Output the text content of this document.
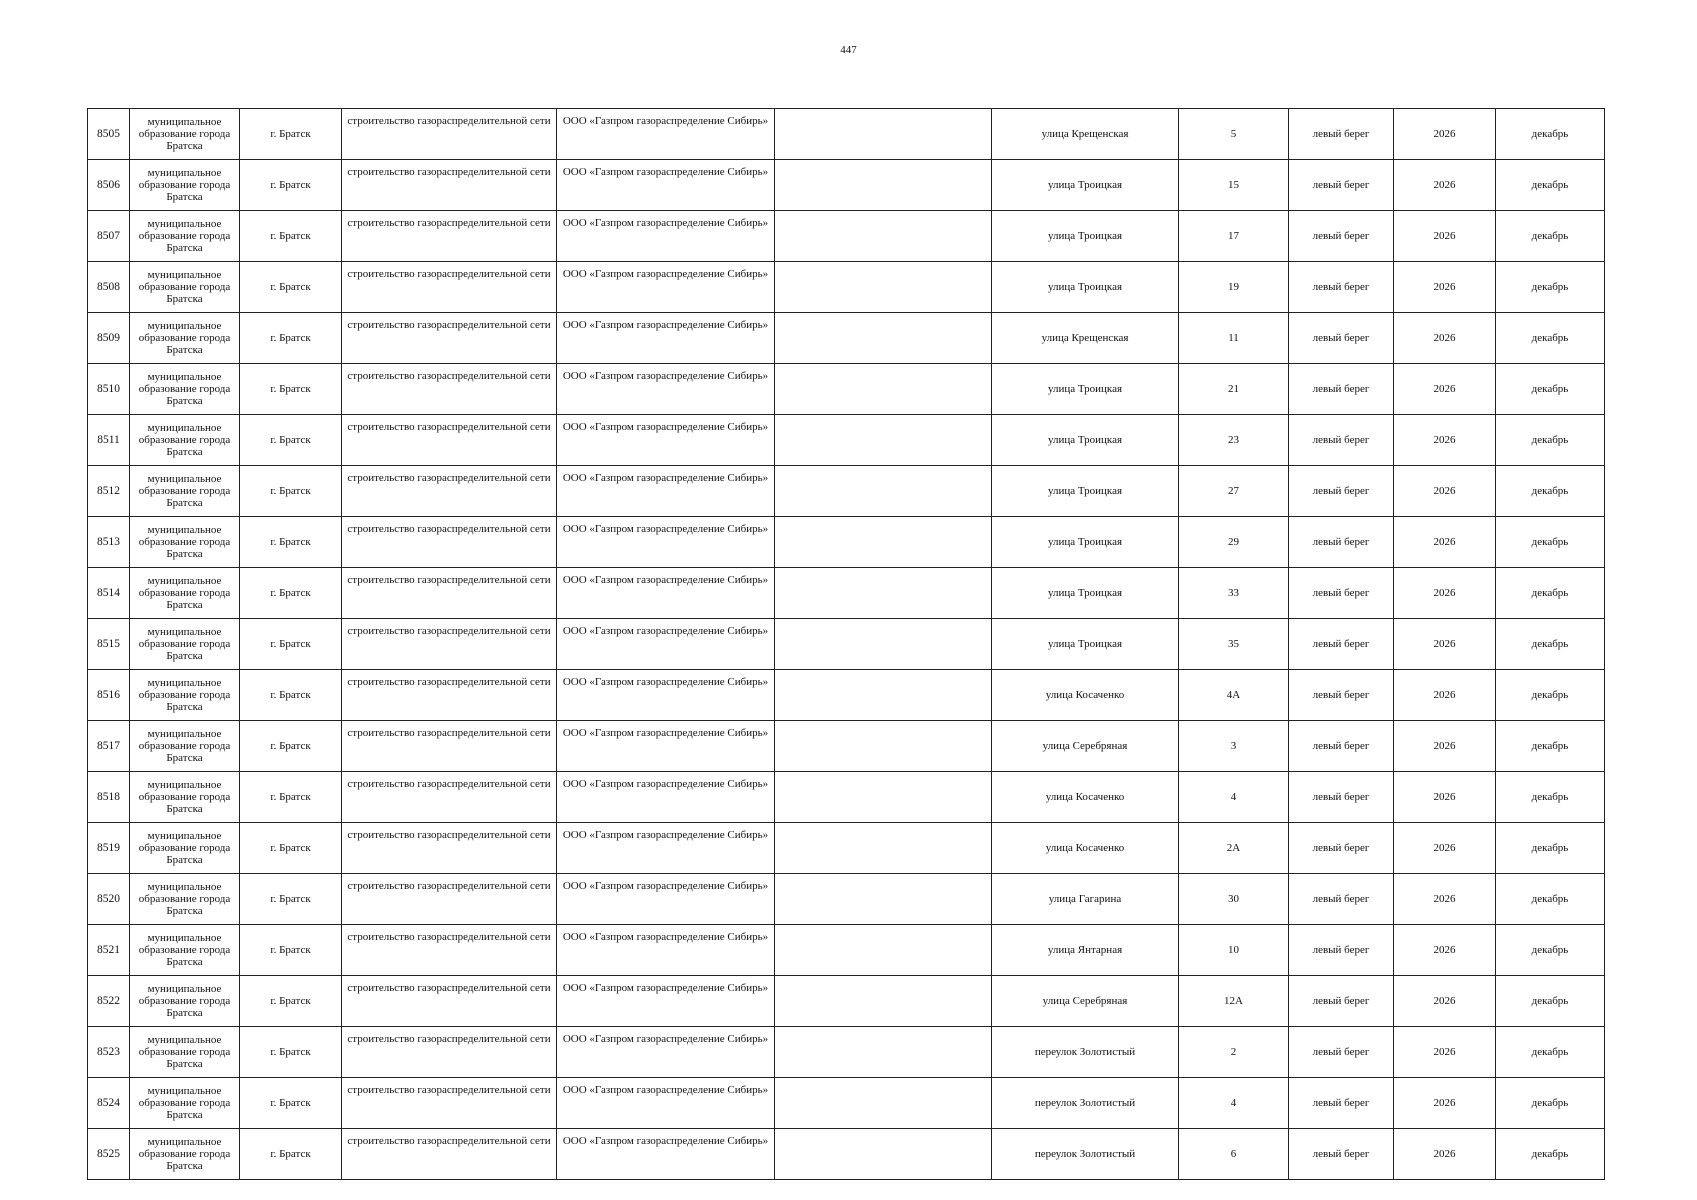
447
8505	муниципальное образование города Братска	г. Братск	строительство газораспределительной сети	ООО «Газпром газораспределение Сибирь»		улица Крещенская	5	левый берег	2026	декабрь
8506	муниципальное образование города Братска	г. Братск	строительство газораспределительной сети	ООО «Газпром газораспределение Сибирь»		улица Троицкая	15	левый берег	2026	декабрь
8507	муниципальное образование города Братска	г. Братск	строительство газораспределительной сети	ООО «Газпром газораспределение Сибирь»		улица Троицкая	17	левый берег	2026	декабрь
8508	муниципальное образование города Братска	г. Братск	строительство газораспределительной сети	ООО «Газпром газораспределение Сибирь»		улица Троицкая	19	левый берег	2026	декабрь
8509	муниципальное образование города Братска	г. Братск	строительство газораспределительной сети	ООО «Газпром газораспределение Сибирь»		улица Крещенская	11	левый берег	2026	декабрь
8510	муниципальное образование города Братска	г. Братск	строительство газораспределительной сети	ООО «Газпром газораспределение Сибирь»		улица Троицкая	21	левый берег	2026	декабрь
8511	муниципальное образование города Братска	г. Братск	строительство газораспределительной сети	ООО «Газпром газораспределение Сибирь»		улица Троицкая	23	левый берег	2026	декабрь
8512	муниципальное образование города Братска	г. Братск	строительство газораспределительной сети	ООО «Газпром газораспределение Сибирь»		улица Троицкая	27	левый берег	2026	декабрь
8513	муниципальное образование города Братска	г. Братск	строительство газораспределительной сети	ООО «Газпром газораспределение Сибирь»		улица Троицкая	29	левый берег	2026	декабрь
8514	муниципальное образование города Братска	г. Братск	строительство газораспределительной сети	ООО «Газпром газораспределение Сибирь»		улица Троицкая	33	левый берег	2026	декабрь
8515	муниципальное образование города Братска	г. Братск	строительство газораспределительной сети	ООО «Газпром газораспределение Сибирь»		улица Троицкая	35	левый берег	2026	декабрь
8516	муниципальное образование города Братска	г. Братск	строительство газораспределительной сети	ООО «Газпром газораспределение Сибирь»		улица Косаченко	4А	левый берег	2026	декабрь
8517	муниципальное образование города Братска	г. Братск	строительство газораспределительной сети	ООО «Газпром газораспределение Сибирь»		улица Серебряная	3	левый берег	2026	декабрь
8518	муниципальное образование города Братска	г. Братск	строительство газораспределительной сети	ООО «Газпром газораспределение Сибирь»		улица Косаченко	4	левый берег	2026	декабрь
8519	муниципальное образование города Братска	г. Братск	строительство газораспределительной сети	ООО «Газпром газораспределение Сибирь»		улица Косаченко	2А	левый берег	2026	декабрь
8520	муниципальное образование города Братска	г. Братск	строительство газораспределительной сети	ООО «Газпром газораспределение Сибирь»		улица Гагарина	30	левый берег	2026	декабрь
8521	муниципальное образование города Братска	г. Братск	строительство газораспределительной сети	ООО «Газпром газораспределение Сибирь»		улица Янтарная	10	левый берег	2026	декабрь
8522	муниципальное образование города Братска	г. Братск	строительство газораспределительной сети	ООО «Газпром газораспределение Сибирь»		улица Серебряная	12А	левый берег	2026	декабрь
8523	муниципальное образование города Братска	г. Братск	строительство газораспределительной сети	ООО «Газпром газораспределение Сибирь»		переулок Золотистый	2	левый берег	2026	декабрь
8524	муниципальное образование города Братска	г. Братск	строительство газораспределительной сети	ООО «Газпром газораспределение Сибирь»		переулок Золотистый	4	левый берег	2026	декабрь
8525	муниципальное образование города Братска	г. Братск	строительство газораспределительной сети	ООО «Газпром газораспределение Сибирь»		переулок Золотистый	6	левый берег	2026	декабрь
